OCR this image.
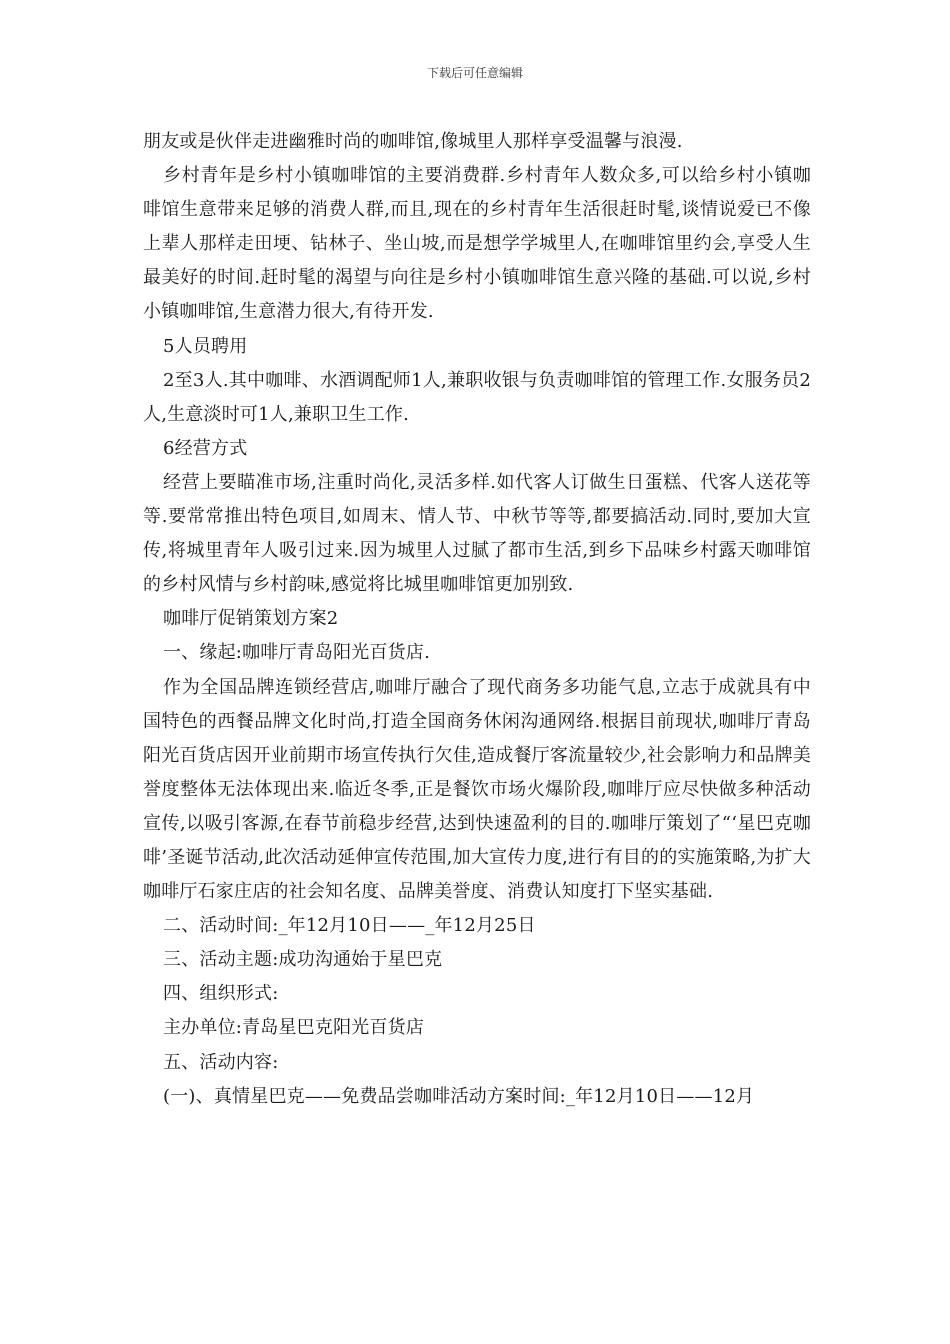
下载后可任意编辑

朋友或是伙伴走进幽雅时尚的咖啡馆,像城里人那样享受温馨与浪漫.

乡村青年是乡村小镇咖啡馆的主要消费群.乡村青年人数众多,可以给乡村小镇咖啡馆生意带来足够的消费人群,而且,现在的乡村青年生活很赶时髦,谈情说爱已不像上辈人那样走田埂、钻林子、坐山坡,而是想学学城里人,在咖啡馆里约会,享受人生最美好的时间.赶时髦的渴望与向往是乡村小镇咖啡馆生意兴隆的基础.可以说,乡村小镇咖啡馆,生意潜力很大,有待开发.

5人员聘用

2至3人.其中咖啡、水酒调配师1人,兼职收银与负责咖啡馆的管理工作.女服务员2人,生意淡时可1人,兼职卫生工作.

6经营方式

经营上要瞄准市场,注重时尚化,灵活多样.如代客人订做生日蛋糕、代客人送花等等.要常常推出特色项目,如周末、情人节、中秋节等等,都要搞活动.同时,要加大宣传,将城里青年人吸引过来.因为城里人过腻了都市生活,到乡下品味乡村露天咖啡馆的乡村风情与乡村韵味,感觉将比城里咖啡馆更加别致.

咖啡厅促销策划方案2

一、缘起:咖啡厅青岛阳光百货店.

作为全国品牌连锁经营店,咖啡厅融合了现代商务多功能气息,立志于成就具有中国特色的西餐品牌文化时尚,打造全国商务休闲沟通网络.根据目前现状,咖啡厅青岛阳光百货店因开业前期市场宣传执行欠佳,造成餐厅客流量较少,社会影响力和品牌美誉度整体无法体现出来.临近冬季,正是餐饮市场火爆阶段,咖啡厅应尽快做多种活动宣传,以吸引客源,在春节前稳步经营,达到快速盈利的目的.咖啡厅策划了“‘星巴克咖啡’圣诞节活动,此次活动延伸宣传范围,加大宣传力度,进行有目的的实施策略,为扩大咖啡厅石家庄店的社会知名度、品牌美誉度、消费认知度打下坚实基础.

二、活动时间:_年12月10日——_年12月25日

三、活动主题:成功沟通始于星巴克

四、组织形式:

主办单位:青岛星巴克阳光百货店

五、活动内容:

(一)、真情星巴克——免费品尝咖啡活动方案时间:_年12月10日——12月
